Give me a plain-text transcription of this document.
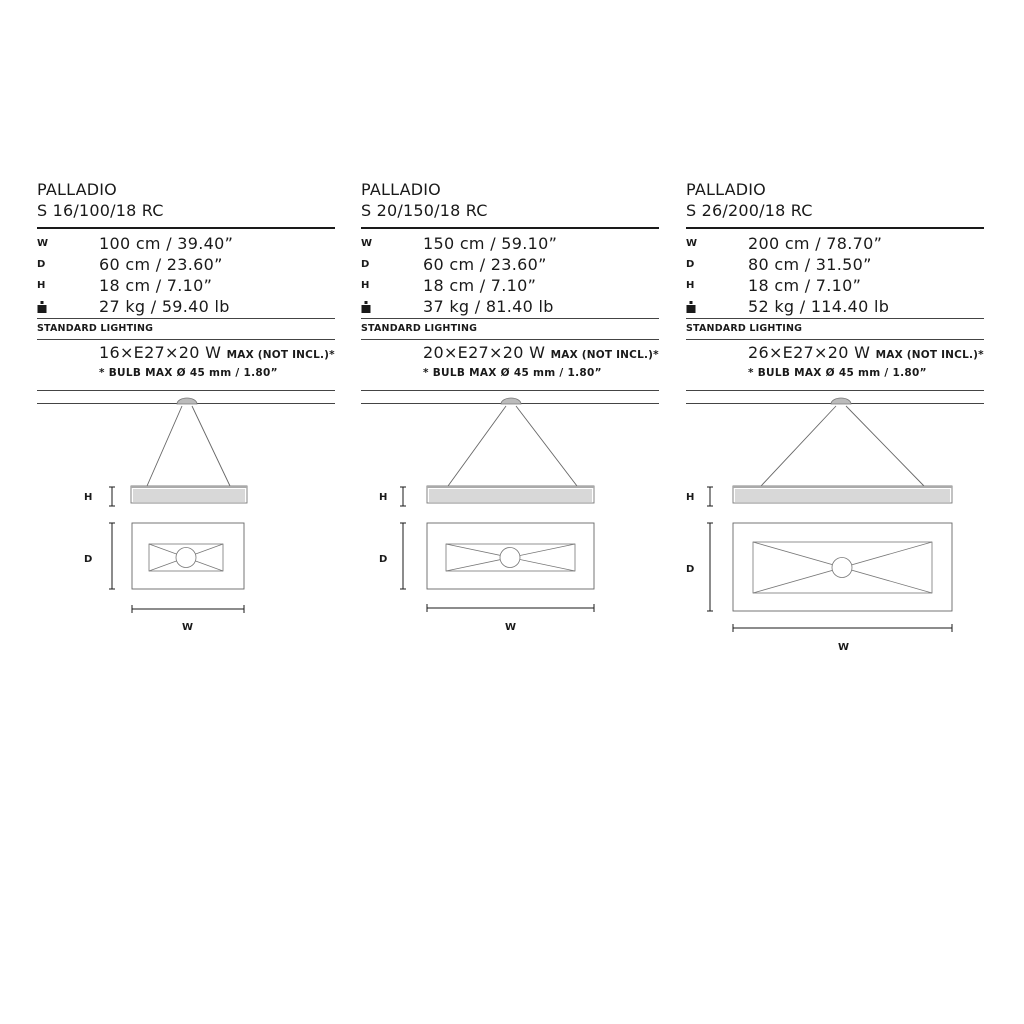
PALLADIO
S 16/100/18 RC
W	100 cm / 39.40”
D	60 cm / 23.60”
H	18 cm / 7.10”
27 kg / 59.40 lb
STANDARD LIGHTING
16×E27×20 W MAX (NOT INCL.)*
* BULB MAX Ø 45 mm / 1.80”
H
D
W
PALLADIO
S 20/150/18 RC
W	150 cm / 59.10”
D	60 cm / 23.60”
H	18 cm / 7.10”
37 kg / 81.40 lb
STANDARD LIGHTING
20×E27×20 W MAX (NOT INCL.)*
* BULB MAX Ø 45 mm / 1.80”
H
D
W
PALLADIO
S 26/200/18 RC
W	200 cm / 78.70”
D	80 cm / 31.50”
H	18 cm / 7.10”
52 kg / 114.40 lb
STANDARD LIGHTING
26×E27×20 W MAX (NOT INCL.)*
* BULB MAX Ø 45 mm / 1.80”
H
D
W
